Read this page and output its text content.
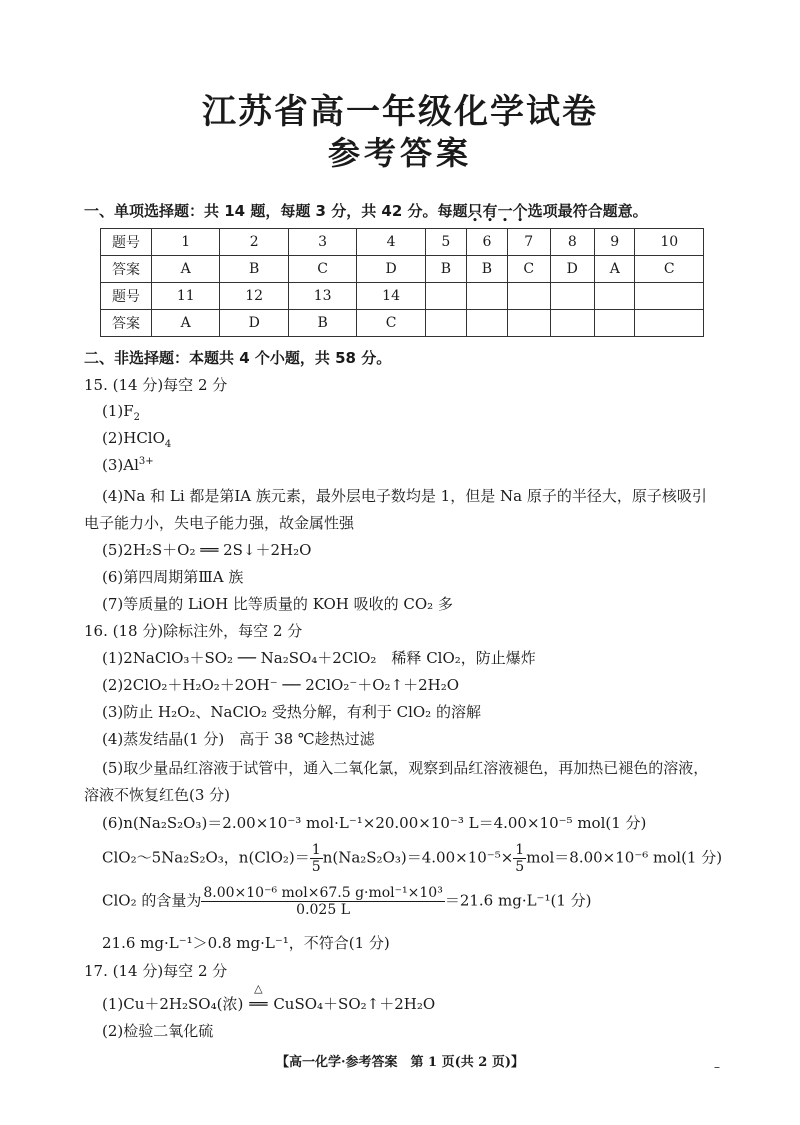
江苏省高一年级化学试卷
参考答案
一、单项选择题：共 14 题，每题 3 分，共 42 分。每题只有一个选项最符合题意。
题号	1	2	3	4	5	6	7	8	9	10
答案	A	B	C	D	B	B	C	D	A	C
题号	11	12	13	14						
答案	A	D	B	C						
二、非选择题：本题共 4 个小题，共 58 分。
15. (14 分)每空 2 分
$(1)F_2$
(2)HClO$_4$
$(3)Al^{3+}$
(4)Na 和 Li 都是第ⅠA 族元素，最外层电子数均是 1，但是 Na 原子的半径大，原子核吸引
电子能力小，失电子能力强，故金属性强
(5)2H₂S＋O₂ ══ 2S↓＋2H₂O
(6)第四周期第ⅢA 族
(7)等质量的 LiOH 比等质量的 KOH 吸收的 CO₂ 多
16. (18 分)除标注外，每空 2 分
(1)2NaClO₃＋SO₂ ── Na₂SO₄＋2ClO₂　稀释 ClO₂，防止爆炸
(2)2ClO₂＋H₂O₂＋2OH⁻ ── 2ClO₂⁻＋O₂↑＋2H₂O
(3)防止 H₂O₂、NaClO₂ 受热分解，有利于 ClO₂ 的溶解
(4)蒸发结晶(1 分)　高于 38 ℃趁热过滤
(5)取少量品红溶液于试管中，通入二氧化氯，观察到品红溶液褪色，再加热已褪色的溶液，
溶液不恢复红色(3 分)
(6)n(Na₂S₂O₃)＝2.00×10⁻³ mol·L⁻¹×20.00×10⁻³ L＝4.00×10⁻⁵ mol(1 分)
ClO₂～5Na₂S₂O₃，$n(ClO_2)= \frac{1}{5} n(Na_2S_2O_3)=4.00\times 10^{-5}\times \frac{1}{5} mol=8.00\times 10^{-6}$ mol(1 分)
ClO₂ 的含量为 $\frac{\text{8.00×10⁻⁶ mol×67.5 g·mol⁻¹×10³}}{0.025 L} =21.6$ mg·L⁻¹(1 分)
21.6 mg·L⁻¹＞0.8 mg·L⁻¹，不符合(1 分)
17. (14 分)每空 2 分
(1)Cu＋2H₂SO₄(浓)
△
══ CuSO₄＋SO₂↑＋2H₂O
(2)检验二氧化硫
【高一化学·参考答案　第 1 页(共 2 页)】	–
